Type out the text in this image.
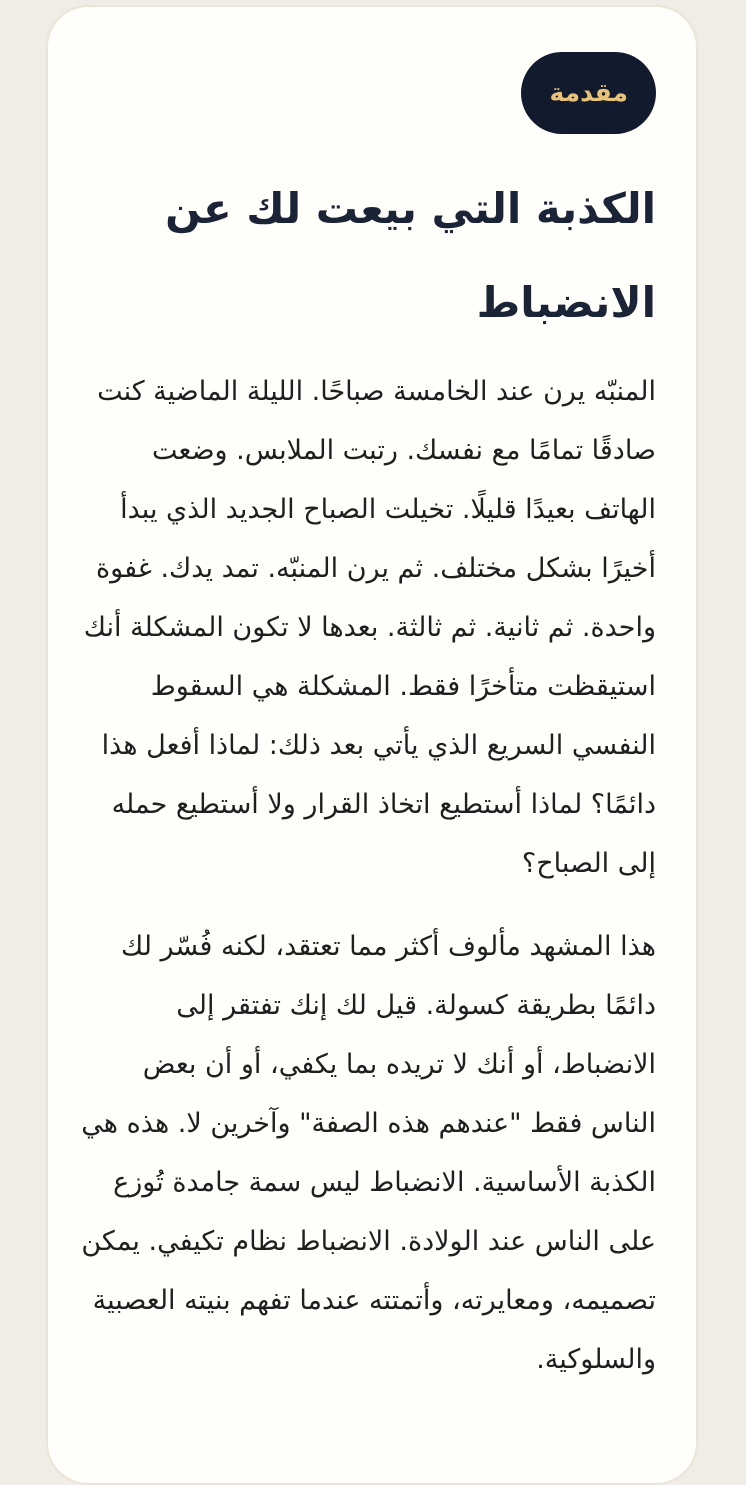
مقدمة
الكذبة التي بيعت لك عن الانضباط

المنبّه يرن عند الخامسة صباحًا. الليلة الماضية كنت صادقًا تمامًا مع نفسك. رتبت الملابس. وضعت الهاتف بعيدًا قليلًا. تخيلت الصباح الجديد الذي يبدأ أخيرًا بشكل مختلف. ثم يرن المنبّه. تمد يدك. غفوة واحدة. ثم ثانية. ثم ثالثة. بعدها لا تكون المشكلة أنك استيقظت متأخرًا فقط. المشكلة هي السقوط النفسي السريع الذي يأتي بعد ذلك: لماذا أفعل هذا دائمًا؟ لماذا أستطيع اتخاذ القرار ولا أستطيع حمله إلى الصباح؟

هذا المشهد مألوف أكثر مما تعتقد، لكنه فُسّر لك دائمًا بطريقة كسولة. قيل لك إنك تفتقر إلى الانضباط، أو أنك لا تريده بما يكفي، أو أن بعض الناس فقط "عندهم هذه الصفة" وآخرين لا. هذه هي الكذبة الأساسية. الانضباط ليس سمة جامدة تُوزع على الناس عند الولادة. الانضباط نظام تكيفي. يمكن تصميمه، ومعايرته، وأتمتته عندما تفهم بنيته العصبية والسلوكية.
